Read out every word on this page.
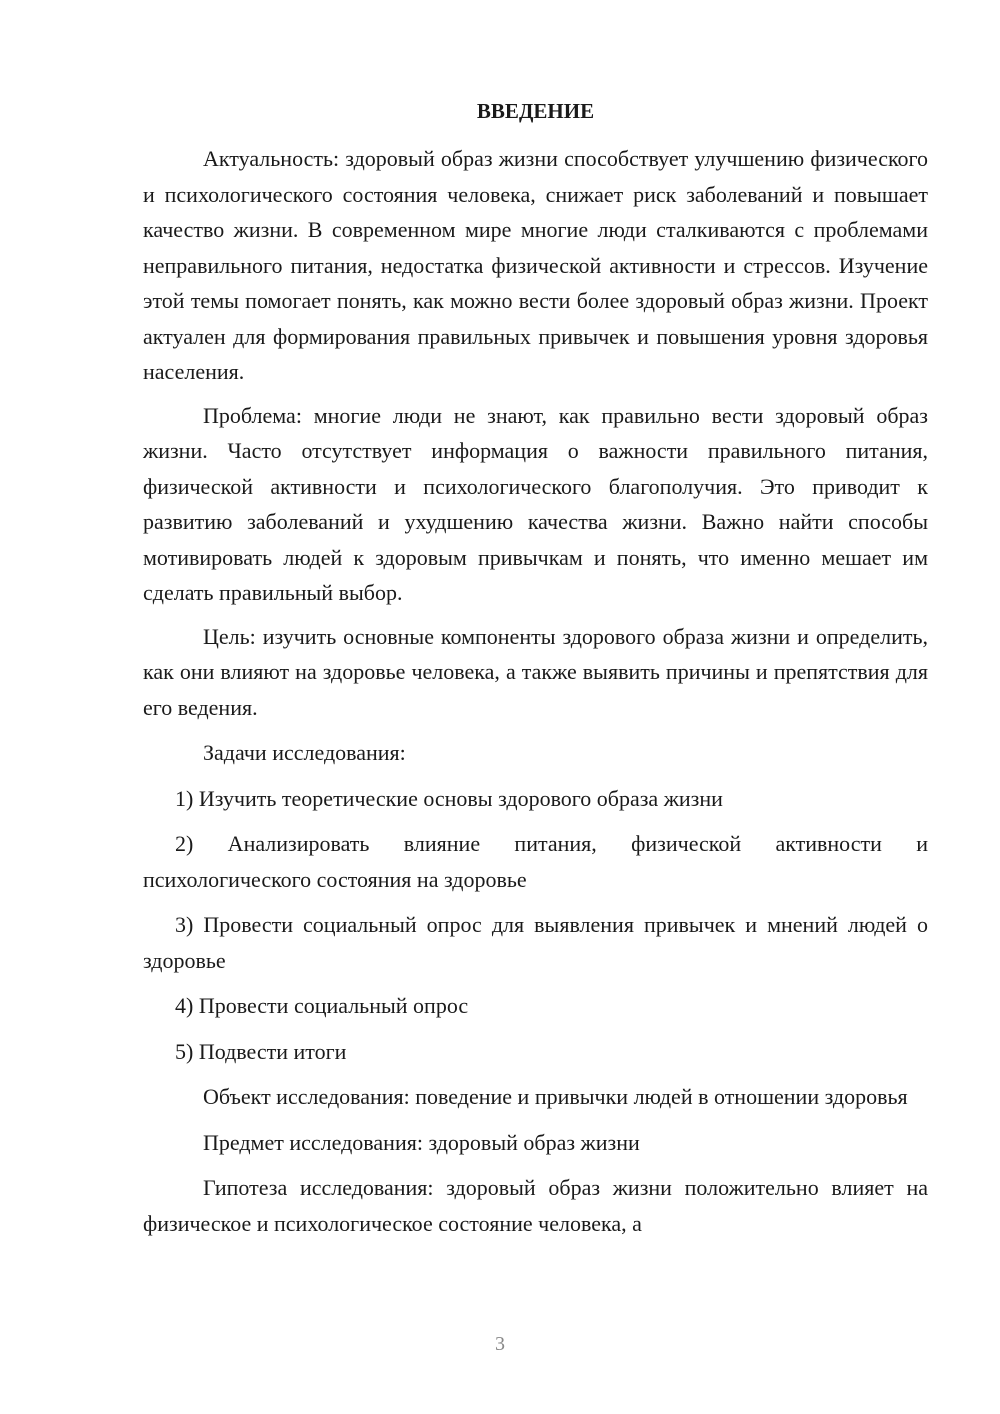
ВВЕДЕНИЕ

Актуальность: здоровый образ жизни способствует улучшению физического и психологического состояния человека, снижает риск заболеваний и повышает качество жизни. В современном мире многие люди сталкиваются с проблемами неправильного питания, недостатка физической активности и стрессов. Изучение этой темы помогает понять, как можно вести более здоровый образ жизни. Проект актуален для формирования правильных привычек и повышения уровня здоровья населения.

Проблема: многие люди не знают, как правильно вести здоровый образ жизни. Часто отсутствует информация о важности правильного питания, физической активности и психологического благополучия. Это приводит к развитию заболеваний и ухудшению качества жизни. Важно найти способы мотивировать людей к здоровым привычкам и понять, что именно мешает им сделать правильный выбор.

Цель: изучить основные компоненты здорового образа жизни и определить, как они влияют на здоровье человека, а также выявить причины и препятствия для его ведения.

Задачи исследования:

1) Изучить теоретические основы здорового образа жизни

2) Анализировать влияние питания, физической активности и психологического состояния на здоровье

3) Провести социальный опрос для выявления привычек и мнений людей о здоровье

4) Провести социальный опрос

5) Подвести итоги

Объект исследования: поведение и привычки людей в отношении здоровья

Предмет исследования: здоровый образ жизни

Гипотеза исследования: здоровый образ жизни положительно влияет на физическое и психологическое состояние человека, а

3
